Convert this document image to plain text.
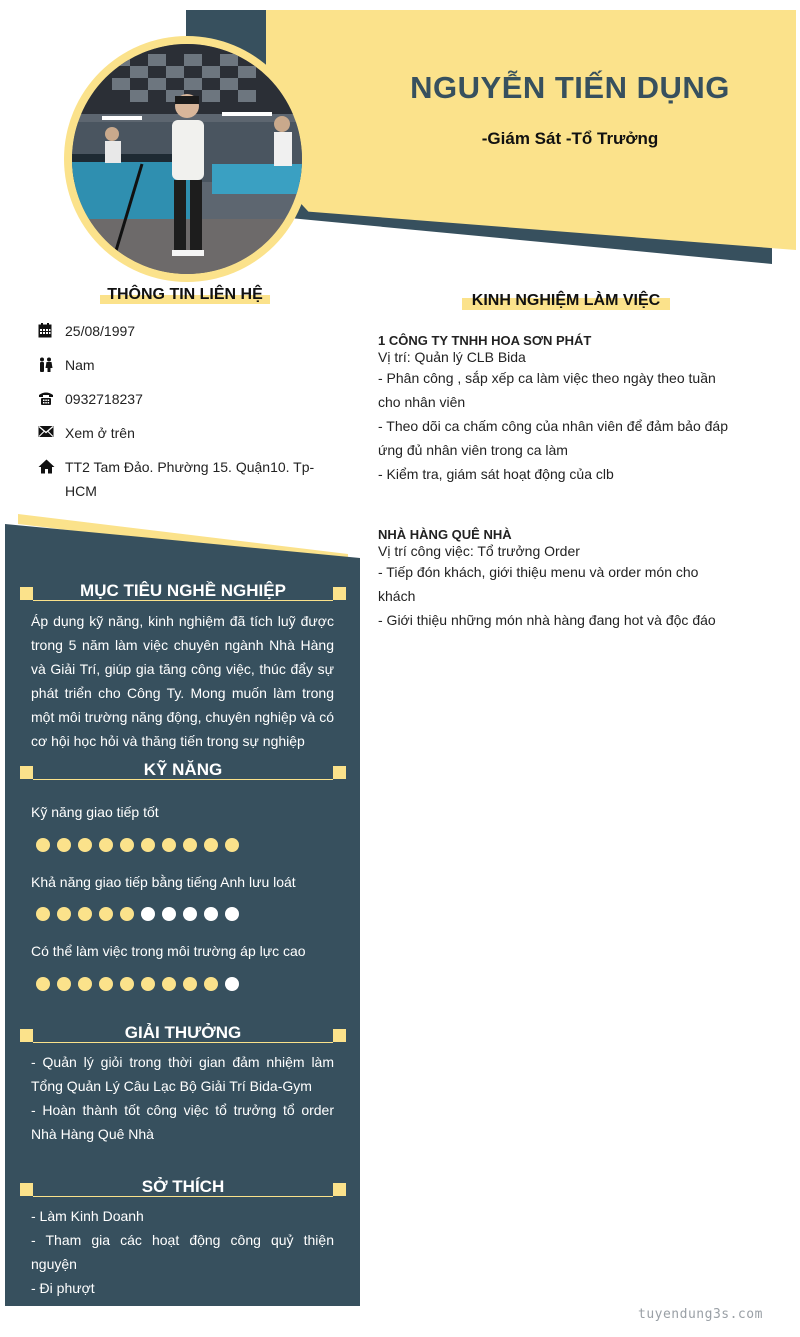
NGUYỄN TIẾN DỤNG
-Giám Sát -Tổ Trưởng
THÔNG TIN LIÊN HỆ
25/08/1997
Nam
0932718237
Xem ở trên
TT2 Tam Đảo. Phường 15. Quận10. Tp-HCM
KINH NGHIỆM LÀM VIỆC
1 CÔNG TY TNHH HOA SƠN PHÁT
Vị trí: Quản lý CLB Bida
- Phân công , sắp xếp ca làm việc theo ngày theo tuần cho nhân viên
- Theo dõi ca chấm công của nhân viên để đảm bảo đáp ứng đủ nhân viên trong ca làm
- Kiểm tra, giám sát hoạt động của clb
NHÀ HÀNG QUÊ NHÀ
Vị trí công việc: Tổ trưởng Order
- Tiếp đón khách, giới thiệu menu và order món cho khách
- Giới thiệu những món nhà hàng đang hot và độc đáo
MỤC TIÊU NGHỀ NGHIỆP
Áp dụng kỹ năng, kinh nghiệm đã tích luỹ được trong 5 năm làm việc chuyên ngành Nhà Hàng và Giải Trí, giúp gia tăng công việc, thúc đẩy sự phát triển cho Công Ty. Mong muốn làm trong một môi trường năng động, chuyên nghiệp và có cơ hội học hỏi và thăng tiến trong sự nghiệp
KỸ NĂNG
Kỹ năng giao tiếp tốt
Khả năng giao tiếp bằng tiếng Anh lưu loát
Có thể làm việc trong môi trường áp lực cao
GIẢI THƯỞNG
- Quản lý giỏi trong thời gian đảm nhiệm làm Tổng Quản Lý Câu Lạc Bộ Giải Trí Bida-Gym
- Hoàn thành tốt công việc tổ trưởng tổ order Nhà Hàng Quê Nhà
SỞ THÍCH
- Làm Kinh Doanh
- Tham gia các hoạt động công quỷ thiện nguyện
- Đi phượt
tuyendung3s.com
